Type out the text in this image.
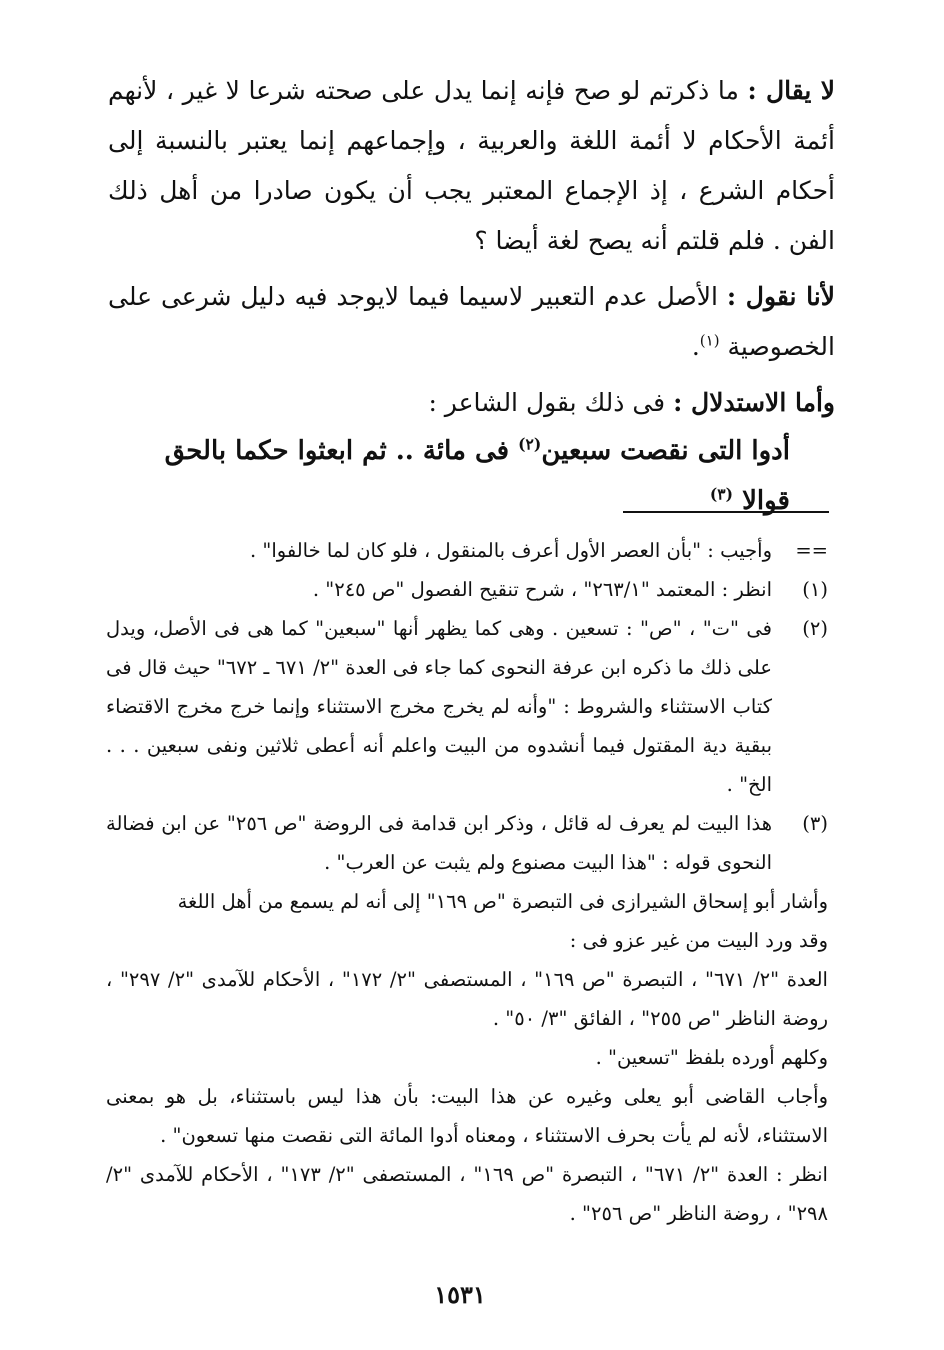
لا يقال : ما ذكرتم لو صح فإنه إنما يدل على صحته شرعا لا غير ، لأنهم أئمة الأحكام لا أئمة اللغة والعربية ، وإجماعهم إنما يعتبر بالنسبة إلى أحكام الشرع ، إذ الإجماع المعتبر يجب أن يكون صادرا من أهل ذلك الفن . فلم قلتم أنه يصح لغة أيضا ؟

لأنا نقول : الأصل عدم التعبير لاسيما فيما لايوجد فيه دليل شرعى على الخصوصية $^{(١)}$.

وأما الاستدلال : فى ذلك بقول الشاعر :

أدوا التى نقصت سبعين$^{(٢)}$ فى مائة .. ثم ابعثوا حكما بالحق قوالا $^{(٣)}$
==
وأجيب : "بأن العصر الأول أعرف بالمنقول ، فلو كان لما خالفوا" .
(١)
انظر : المعتمد "٢٦٣/١" ، شرح تنقيح الفصول "ص ٢٤٥" .
(٢)
فى "ت" ، "ص" : تسعين . وهى كما يظهر أنها "سبعين" كما هى فى الأصل، ويدل على ذلك ما ذكره ابن عرفة النحوى كما جاء فى العدة "٢/ ٦٧١ ـ ٦٧٢" حيث قال فى كتاب الاستثناء والشروط : "وأنه لم يخرج مخرج الاستثناء وإنما خرج مخرج الاقتضاء ببقية دية المقتول فيما أنشدوه من البيت واعلم أنه أعطى ثلاثين ونفى سبعين . . . الخ" .
(٣)
هذا البيت لم يعرف له قائل ، وذكر ابن قدامة فى الروضة "ص ٢٥٦" عن ابن فضالة النحوى قوله : "هذا البيت مصنوع ولم يثبت عن العرب" .
وأشار أبو إسحاق الشيرازى فى التبصرة "ص ١٦٩" إلى أنه لم يسمع من أهل اللغة
وقد ورد البيت من غير عزو فى :
العدة "٢/ ٦٧١" ، التبصرة "ص ١٦٩" ، المستصفى "٢/ ١٧٢" ، الأحكام للآمدى "٢/ ٢٩٧" ، روضة الناظر "ص ٢٥٥" ، الفائق "٣/ ٥٠" .
وكلهم أورده بلفظ "تسعين" .
وأجاب القاضى أبو يعلى وغيره عن هذا البيت: بأن هذا ليس باستثناء، بل هو بمعنى الاستثناء، لأنه لم يأت بحرف الاستثناء ، ومعناه أدوا المائة التى نقصت منها تسعون" .
انظر : العدة "٢/ ٦٧١" ، التبصرة "ص ١٦٩" ، المستصفى "٢/ ١٧٣" ، الأحكام للآمدى "٢/ ٢٩٨" ، روضة الناظر "ص ٢٥٦" .
١٥٣١
